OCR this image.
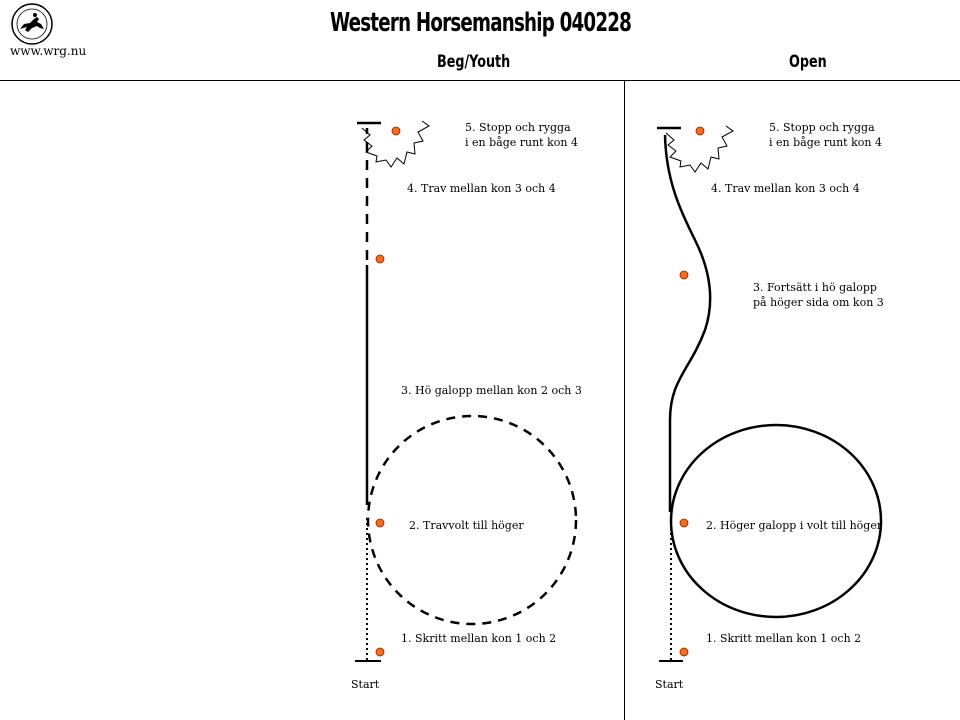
www.wrg.nu
Western Horsemanship 040228
Beg/Youth	Open
5. Stopp och rygga
i en båge runt kon 4
4. Trav mellan kon 3 och 4
3. Hö galopp mellan kon 2 och 3
2. Travvolt till höger
1. Skritt mellan kon 1 och 2
Start
5. Stopp och rygga
i en båge runt kon 4
4. Trav mellan kon 3 och 4
3. Fortsätt i hö galopp
på höger sida om kon 3
2. Höger galopp i volt till höger
1. Skritt mellan kon 1 och 2
Start
